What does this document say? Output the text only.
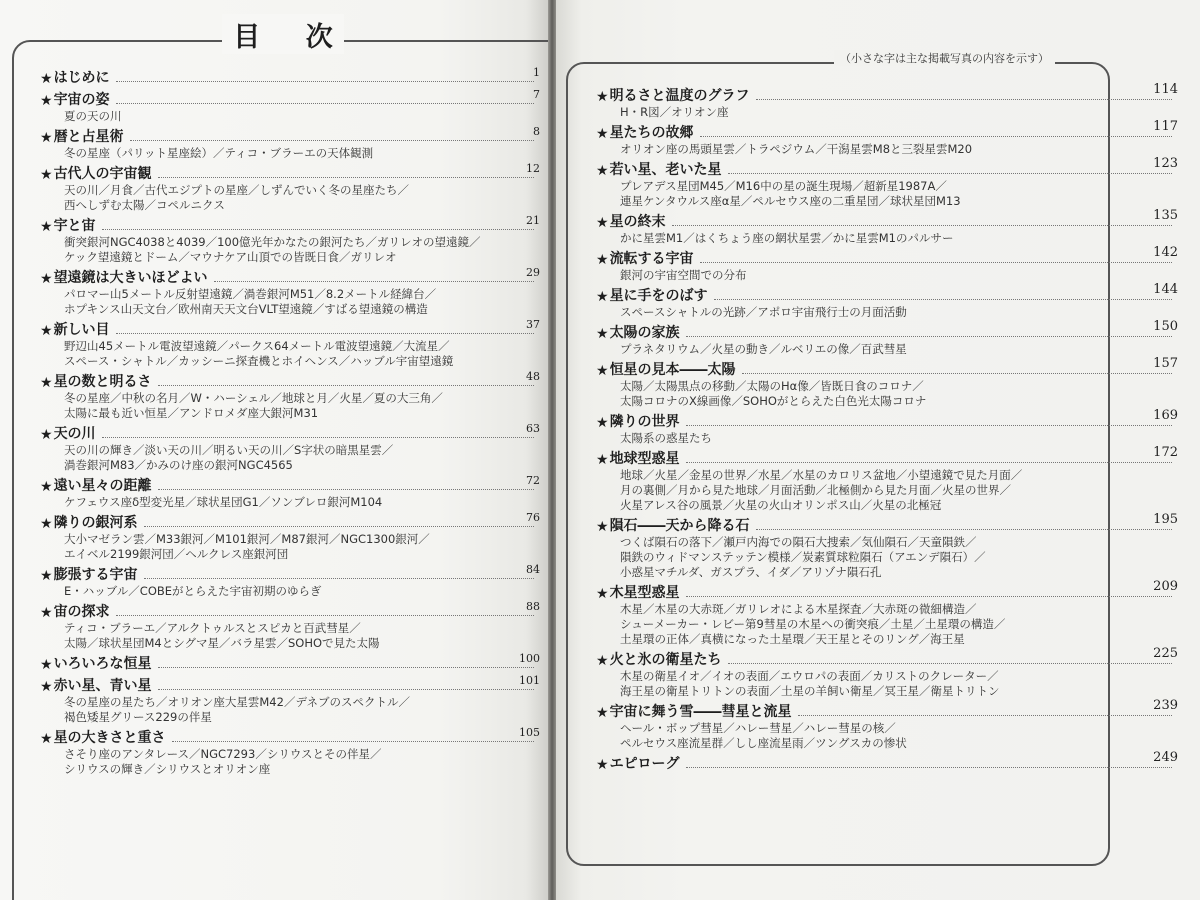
目 次
★ はじめに	1
★ 宇宙の姿	7
夏の天の川
★ 暦と占星術	8
冬の星座（パリット星座絵）／ティコ・ブラーエの天体観測
★ 古代人の宇宙観	12
天の川／月食／古代エジプトの星座／しずんでいく冬の星座たち／
西へしずむ太陽／コペルニクス
★ 宇と宙	21
衝突銀河NGC4038と4039／100億光年かなたの銀河たち／ガリレオの望遠鏡／
ケック望遠鏡とドーム／マウナケア山頂での皆既日食／ガリレオ
★ 望遠鏡は大きいほどよい	29
パロマー山5メートル反射望遠鏡／渦巻銀河M51／8.2メートル経緯台／
ホプキンス山天文台／欧州南天天文台VLT望遠鏡／すばる望遠鏡の構造
★ 新しい目	37
野辺山45メートル電波望遠鏡／パークス64メートル電波望遠鏡／大流星／
スペース・シャトル／カッシーニ探査機とホイヘンス／ハッブル宇宙望遠鏡
★ 星の数と明るさ	48
冬の星座／中秋の名月／W・ハーシェル／地球と月／火星／夏の大三角／
太陽に最も近い恒星／アンドロメダ座大銀河M31
★ 天の川	63
天の川の輝き／淡い天の川／明るい天の川／S字状の暗黒星雲／
渦巻銀河M83／かみのけ座の銀河NGC4565
★ 遠い星々の距離	72
ケフェウス座δ型変光星／球状星団G1／ソンブレロ銀河M104
★ 隣りの銀河系	76
大小マゼラン雲／M33銀河／M101銀河／M87銀河／NGC1300銀河／
エイベル2199銀河団／ヘルクレス座銀河団
★ 膨張する宇宙	84
E・ハッブル／COBEがとらえた宇宙初期のゆらぎ
★ 宙の探求	88
ティコ・ブラーエ／アルクトゥルスとスピカと百武彗星／
太陽／球状星団M4とシグマ星／バラ星雲／SOHOで見た太陽
★ いろいろな恒星	100
★ 赤い星、青い星	101
冬の星座の星たち／オリオン座大星雲M42／デネブのスペクトル／
褐色矮星グリース229の伴星
★ 星の大きさと重さ	105
さそり座のアンタレース／NGC7293／シリウスとその伴星／
シリウスの輝き／シリウスとオリオン座
（小さな字は主な掲載写真の内容を示す）
★ 明るさと温度のグラフ	114
H・R図／オリオン座
★ 星たちの故郷	117
オリオン座の馬頭星雲／トラペジウム／干潟星雲M8と三裂星雲M20
★ 若い星、老いた星	123
プレアデス星団M45／M16中の星の誕生現場／超新星1987A／
連星ケンタウルス座α星／ペルセウス座の二重星団／球状星団M13
★ 星の終末	135
かに星雲M1／はくちょう座の網状星雲／かに星雲M1のパルサー
★ 流転する宇宙	142
銀河の宇宙空間での分布
★ 星に手をのばす	144
スペースシャトルの光跡／アポロ宇宙飛行士の月面活動
★ 太陽の家族	150
プラネタリウム／火星の動き／ルベリエの像／百武彗星
★ 恒星の見本――太陽	157
太陽／太陽黒点の移動／太陽のHα像／皆既日食のコロナ／
太陽コロナのX線画像／SOHOがとらえた白色光太陽コロナ
★ 隣りの世界	169
太陽系の惑星たち
★ 地球型惑星	172
地球／火星／金星の世界／水星／水星のカロリス盆地／小望遠鏡で見た月面／
月の裏側／月から見た地球／月面活動／北極側から見た月面／火星の世界／
火星アレス谷の風景／火星の火山オリンポス山／火星の北極冠
★ 隕石――天から降る石	195
つくば隕石の落下／瀬戸内海での隕石大捜索／気仙隕石／天童隕鉄／
隕鉄のウィドマンステッテン模様／炭素質球粒隕石（アエンデ隕石）／
小惑星マチルダ、ガスプラ、イダ／アリゾナ隕石孔
★ 木星型惑星	209
木星／木星の大赤斑／ガリレオによる木星探査／大赤斑の微細構造／
シューメーカー・レビー第9彗星の木星への衝突痕／土星／土星環の構造／
土星環の正体／真横になった土星環／天王星とそのリング／海王星
★ 火と氷の衛星たち	225
木星の衛星イオ／イオの表面／エウロパの表面／カリストのクレーター／
海王星の衛星トリトンの表面／土星の羊飼い衛星／冥王星／衛星トリトン
★ 宇宙に舞う雪――彗星と流星	239
ヘール・ボップ彗星／ハレー彗星／ハレー彗星の核／
ペルセウス座流星群／しし座流星雨／ツングスカの惨状
★ エピローグ	249
